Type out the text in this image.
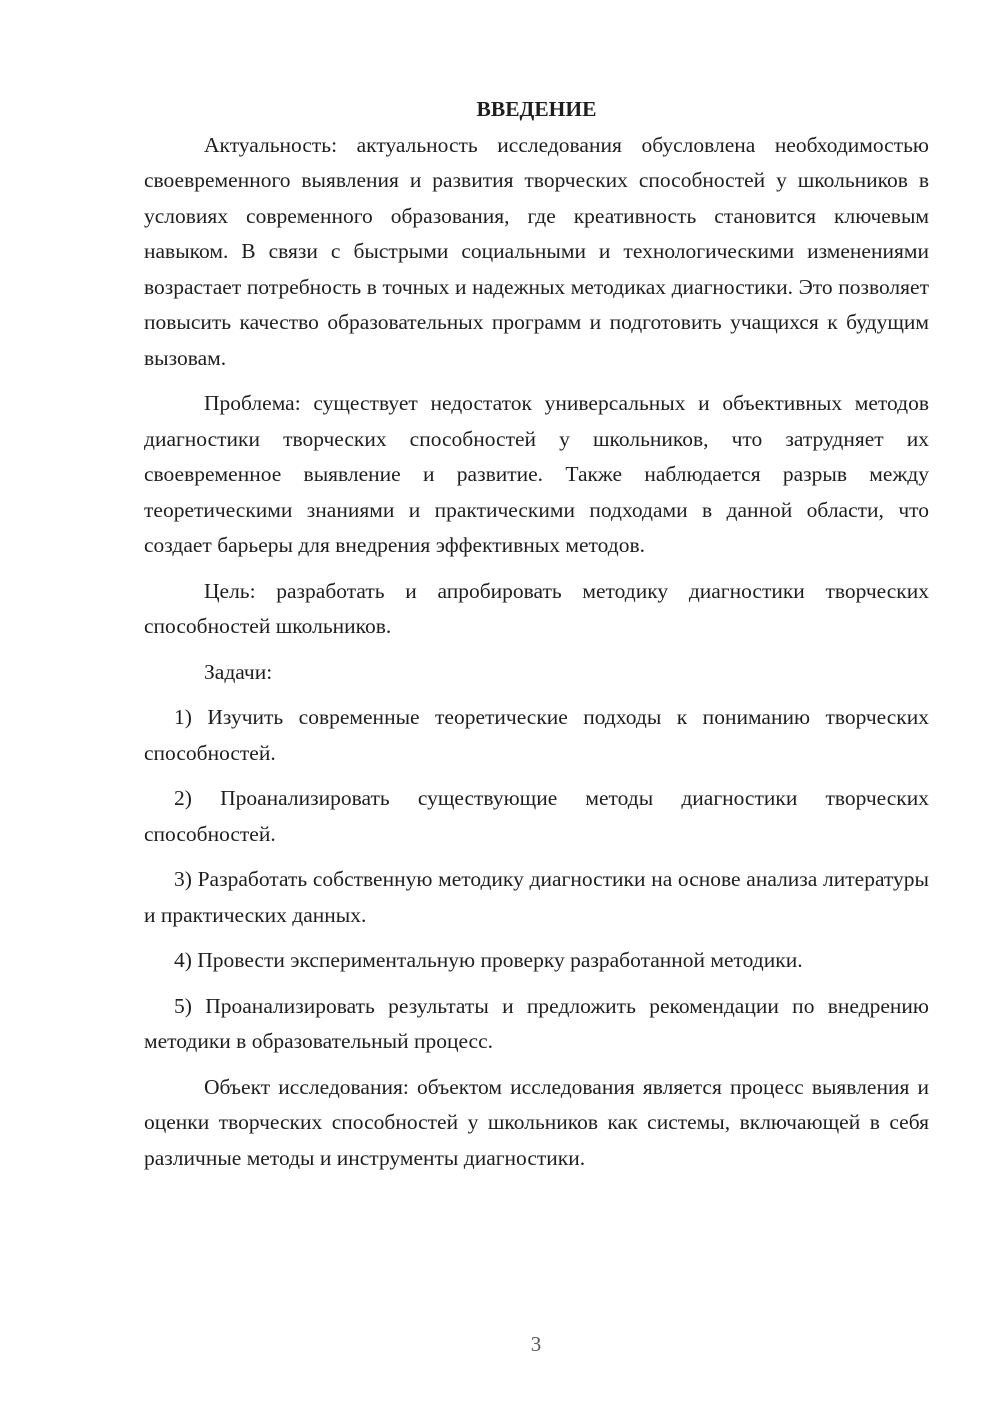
ВВЕДЕНИЕ

Актуальность: актуальность исследования обусловлена необходимостью своевременного выявления и развития творческих способностей у школьников в условиях современного образования, где креативность становится ключевым навыком. В связи с быстрыми социальными и технологическими изменениями возрастает потребность в точных и надежных методиках диагностики. Это позволяет повысить качество образовательных программ и подготовить учащихся к будущим вызовам.

Проблема: существует недостаток универсальных и объективных методов диагностики творческих способностей у школьников, что затрудняет их своевременное выявление и развитие. Также наблюдается разрыв между теоретическими знаниями и практическими подходами в данной области, что создает барьеры для внедрения эффективных методов.

Цель: разработать и апробировать методику диагностики творческих способностей школьников.

Задачи:

1) Изучить современные теоретические подходы к пониманию творческих способностей.

2) Проанализировать существующие методы диагностики творческих способностей.

3) Разработать собственную методику диагностики на основе анализа литературы и практических данных.

4) Провести экспериментальную проверку разработанной методики.

5) Проанализировать результаты и предложить рекомендации по внедрению методики в образовательный процесс.

Объект исследования: объектом исследования является процесс выявления и оценки творческих способностей у школьников как системы, включающей в себя различные методы и инструменты диагностики.

3
